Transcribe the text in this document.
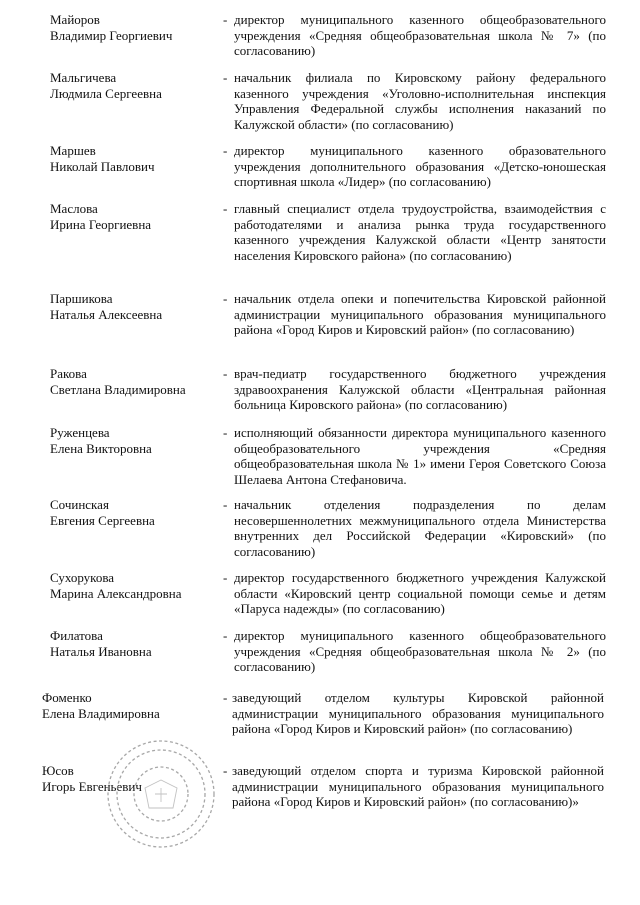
Майоров
Владимир Георгиевич
- директор муниципального казенного общеобразовательного учреждения «Средняя общеобразовательная школа № 7» (по согласованию)
Мальгичева
Людмила Сергеевна
- начальник филиала по Кировскому району федерального казенного учреждения «Уголовно-исполнительная инспекция Управления Федеральной службы исполнения наказаний по Калужской области» (по согласованию)
Маршев
Николай Павлович
- директор муниципального казенного образовательного учреждения дополнительного образования «Детско-юношеская спортивная школа «Лидер» (по согласованию)
Маслова
Ирина Георгиевна
- главный специалист отдела трудоустройства, взаимодействия с работодателями и анализа рынка труда государственного казенного учреждения Калужской области «Центр занятости населения Кировского района» (по согласованию)
Паршикова
Наталья Алексеевна
- начальник отдела опеки и попечительства Кировской районной администрации муниципального образования муниципального района «Город Киров и Кировский район» (по согласованию)
Ракова
Светлана Владимировна
- врач-педиатр государственного бюджетного учреждения здравоохранения Калужской области «Центральная районная больница Кировского района» (по согласованию)
Руженцева
Елена Викторовна
- исполняющий обязанности директора муниципального казенного общеобразовательного учреждения «Средняя общеобразовательная школа № 1» имени Героя Советского Союза Шелаева Антона Стефановича.
Сочинская
Евгения Сергеевна
- начальник отделения подразделения по делам несовершеннолетних межмуниципального отдела Министерства внутренних дел Российской Федерации «Кировский» (по согласованию)
Сухорукова
Марина Александровна
- директор государственного бюджетного учреждения Калужской области «Кировский центр социальной помощи семье и детям «Паруса надежды» (по согласованию)
Филатова
Наталья Ивановна
- директор муниципального казенного общеобразовательного учреждения «Средняя общеобразовательная школа № 2» (по согласованию)
Фоменко
Елена Владимировна
- заведующий отделом культуры Кировской районной администрации муниципального образования муниципального района «Город Киров и Кировский район» (по согласованию)
Юсов
Игорь Евгеньевич
- заведующий отделом спорта и туризма Кировской районной администрации муниципального образования муниципального района «Город Киров и Кировский район» (по согласованию)»
